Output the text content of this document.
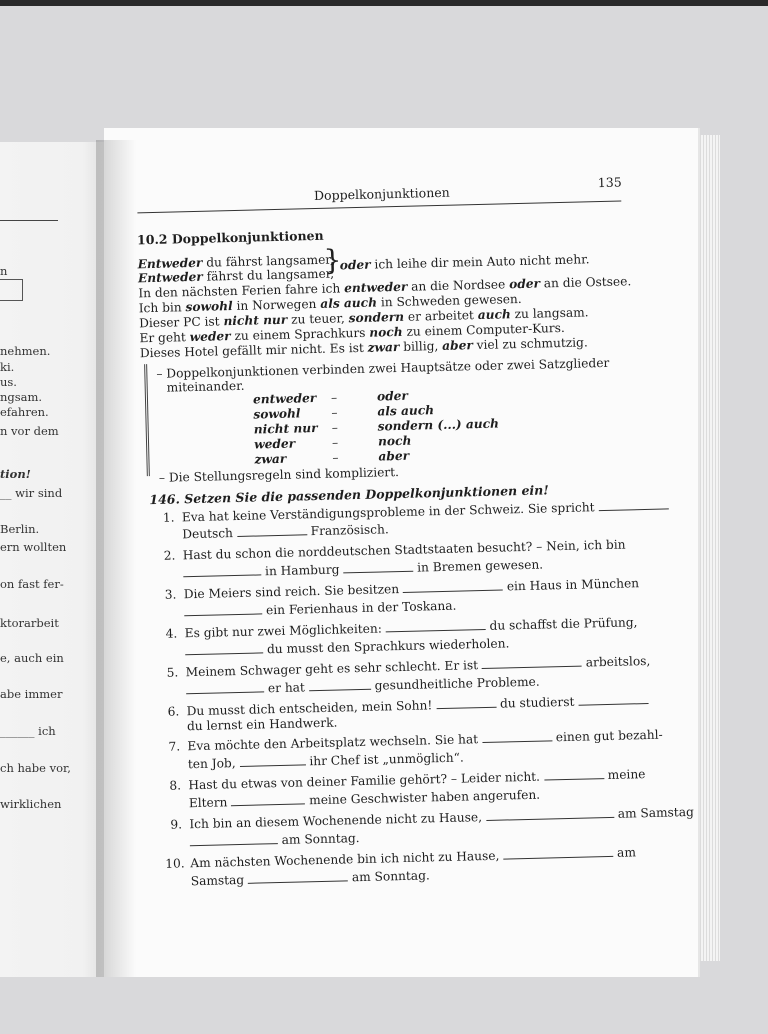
n
nehmen.
ki.
us.
ngsam.
efahren.
n vor dem
tion!
__ wir sind
Berlin.
ern wollten
on fast fer-
ktorarbeit
e, auch ein
abe immer
______ ich
ch habe vor,
wirklichen
Doppelkonjunktionen
135
10.2 Doppelkonjunktionen
Entweder du fährst langsamer,
Entweder fährst du langsamer,
}
oder ich leihe dir mein Auto nicht mehr.
In den nächsten Ferien fahre ich entweder an die Nordsee oder an die Ostsee.
Ich bin sowohl in Norwegen als auch in Schweden gewesen.
Dieser PC ist nicht nur zu teuer, sondern er arbeitet auch zu langsam.
Er geht weder zu einem Sprachkurs noch zu einem Computer-Kurs.
Dieses Hotel gefällt mir nicht. Es ist zwar billig, aber viel zu schmutzig.
– Doppelkonjunktionen verbinden zwei Hauptsätze oder zwei Satzglieder
miteinander.
entweder –	oder
sowohl	–	als auch
nicht nur –	sondern (...) auch
weder	–	noch
zwar	–	aber
– Die Stellungsregeln sind kompliziert.
146. Setzen Sie die passenden Doppelkonjunktionen ein!
1. Eva hat keine Verständigungsprobleme in der Schweiz. Sie spricht
Deutsch	Französisch.
2. Hast du schon die norddeutschen Stadtstaaten besucht? – Nein, ich bin
in Hamburg	in Bremen gewesen.
3. Die Meiers sind reich. Sie besitzen	ein Haus in München
ein Ferienhaus in der Toskana.
4. Es gibt nur zwei Möglichkeiten:	du schaffst die Prüfung,
du musst den Sprachkurs wiederholen.
5. Meinem Schwager geht es sehr schlecht. Er ist	arbeitslos,
er hat	gesundheitliche Probleme.
6. Du musst dich entscheiden, mein Sohn!	du studierst
du lernst ein Handwerk.
7. Eva möchte den Arbeitsplatz wechseln. Sie hat	einen gut bezahl-
ten Job,	ihr Chef ist „unmöglich“.
8. Hast du etwas von deiner Familie gehört? – Leider nicht.	meine
Eltern	meine Geschwister haben angerufen.
9. Ich bin an diesem Wochenende nicht zu Hause,	am Samstag
am Sonntag.
10. Am nächsten Wochenende bin ich nicht zu Hause,	am
Samstag	am Sonntag.
